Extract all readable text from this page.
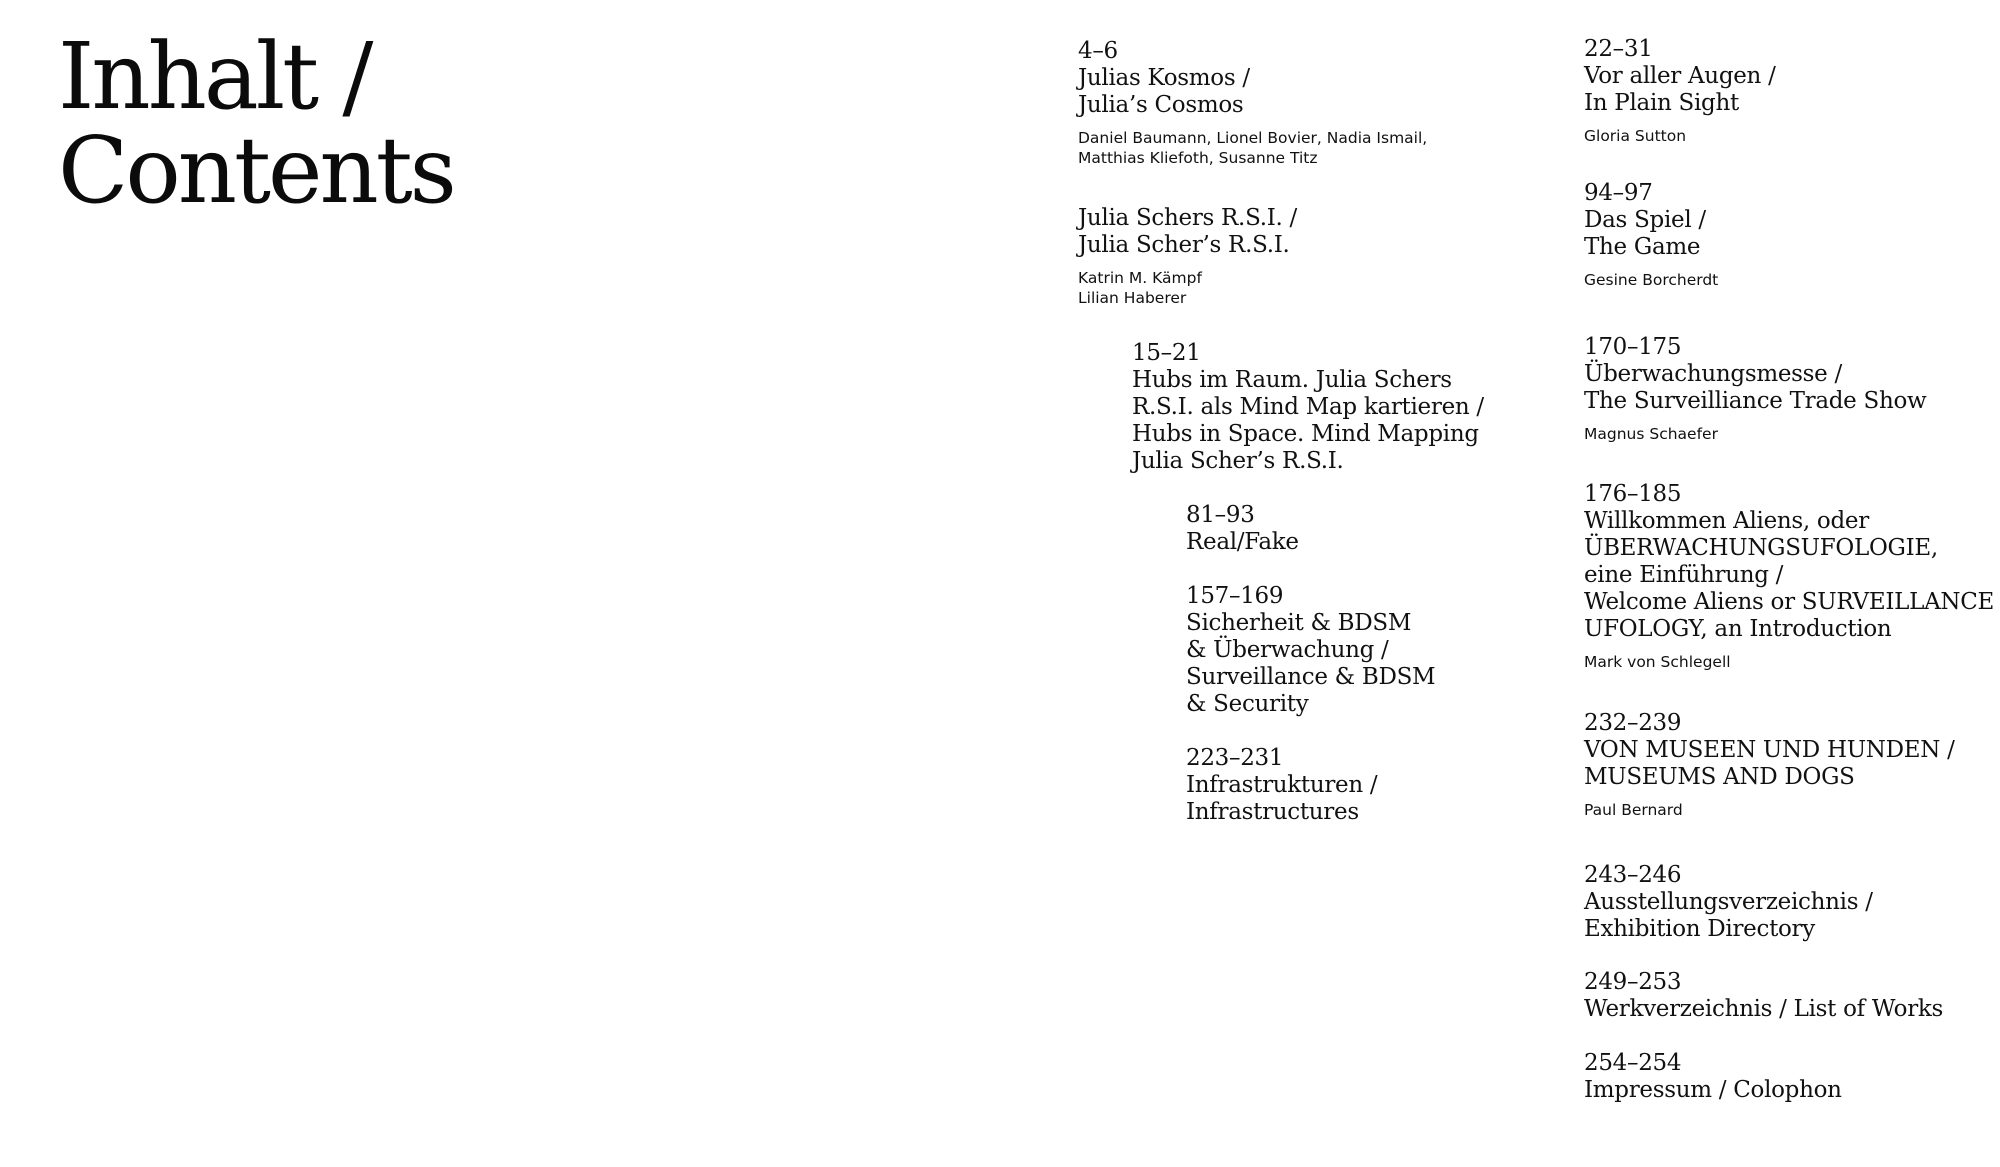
Inhalt /
Contents
4–6
Julias Kosmos /
Julia’s Cosmos
Daniel Baumann, Lionel Bovier, Nadia Ismail,
Matthias Kliefoth, Susanne Titz
Julia Schers R.S.I. /
Julia Scher’s R.S.I.
Katrin M. Kämpf
Lilian Haberer
15–21
Hubs im Raum. Julia Schers
R.S.I. als Mind Map kartieren /
Hubs in Space. Mind Mapping
Julia Scher’s R.S.I.
81–93
Real/Fake
157–169
Sicherheit & BDSM
& Überwachung /
Surveillance & BDSM
& Security
223–231
Infrastrukturen /
Infrastructures
22–31
Vor aller Augen /
In Plain Sight
Gloria Sutton
94–97
Das Spiel /
The Game
Gesine Borcherdt
170–175
Überwachungsmesse /
The Surveilliance Trade Show
Magnus Schaefer
176–185
Willkommen Aliens, oder
ÜBERWACHUNGSUFOLOGIE,
eine Einführung /
Welcome Aliens or SURVEILLANCE
UFOLOGY, an Introduction
Mark von Schlegell
232–239
VON MUSEEN UND HUNDEN /
MUSEUMS AND DOGS
Paul Bernard
243–246
Ausstellungsverzeichnis /
Exhibition Directory
249–253
Werkverzeichnis / List of Works
254–254
Impressum / Colophon
